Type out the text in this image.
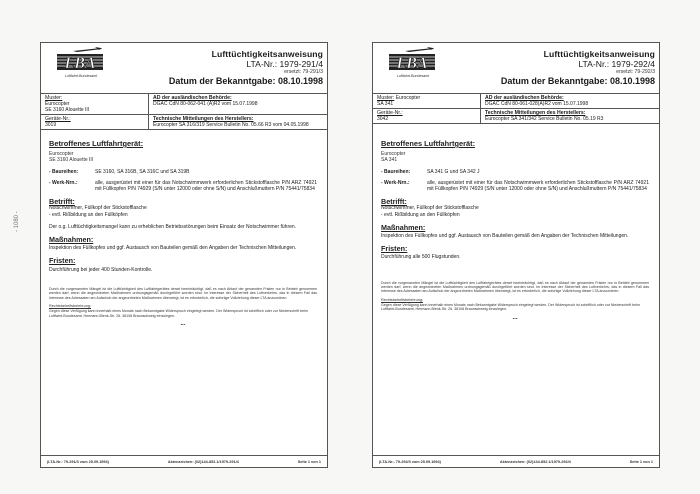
- 1080 -
LBA
Luftfahrt-Bundesamt
Lufttüchtigkeitsanweisung
LTA-Nr.: 1979-291/4
ersetzt: 79-291/3
Datum der Bekanntgabe: 08.10.1998
Muster:
Eurocopter
SE 3160 Alouette III
AD der ausländischen Behörde:
DGAC CdN 80-062-041 (A)R2 vom 15.07.1998
Geräte-Nr.:
3019
Technische Mitteilungen des Herstellers:
Eurocopter SA 316/319 Service Bulletin No. 05.66 R3 vom 04.05.1998
Betroffenes Luftfahrtgerät:
Eurocopter
SE 3160 Alouette III
- Baureihen:	SE 3160, SA 316B, SA 316C und SA 319B
- Werk-Nrn.:	alle, ausgerüstet mit einer für das Notschwimmwerk erforderlichen Stickstofflasche P/N ARZ 74921 mit Füllkopfen P/N 74929 (S/N unter 12000 oder ohne S/N) und Anschlußmuttern P/N 75441/75834
Betrifft:
Notschwimmer, Füllkopf der Stickstofflasche
- evtl. Rißbildung an den Füllköpfen
Der o.g. Lufttüchtigkeitsmangel kann zu erheblichen Betriebsstörungen beim Einsatz der Notschwimmer führen.
Maßnahmen:
Inspektion des Füllkopfes und ggf. Austausch von Bauteilen gemäß den Angaben der Technischen Mitteilungen.
Fristen:
Durchführung bei jeder 400 Stunden-Kontrolle.
Durch die vorgenannten Mängel ist die Lufttüchtigkeit des Luftfahrtgerätes derart beeinträchtigt, daß es nach Ablauf der genannten Fristen nur in Betrieb genommen werden darf, wenn die angeordneten Maßnahmen ordnungsgemäß durchgeführt worden sind. Im Interesse der Sicherheit des Luftverkehrs, das in diesem Fall das Interesse des Adressaten am Aufschub der angeordneten Maßnahmen überwiegt, ist es erforderlich, die sofortige Vollziehung dieser LTA anzuordnen.
Rechtsbehelfsbelehrung:
Gegen diese Verfügung kann innerhalb eines Monats nach Bekanntgabe Widerspruch eingelegt werden. Der Widerspruch ist schriftlich oder zur Niederschrift beim Luftfahrt-Bundesamt, Hermann-Blenk-Str. 26, 38108 Braunschweig einzulegen.
...
(LTA-Nr.: 79-291/3 vom 25.09.1994)	Aktenzeichen: (02)144-852.1/1979-291/4	Seite 1 von 1
LBA
Luftfahrt-Bundesamt
Lufttüchtigkeitsanweisung
LTA-Nr.: 1979-292/4
ersetzt: 79-292/3
Datum der Bekanntgabe: 08.10.1998
Muster: Eurocopter
SA 341
AD der ausländischen Behörde:
DGAC CdN 80-061-028(A)R2 vom 15.07.1998
Geräte-Nr.:
3042
Technische Mitteilungen des Herstellers:
Eurocopter SA 341/342 Service Bulletin No. 05.19 R3
Betroffenes Luftfahrtgerät:
Eurocopter
SA 341
- Baureihen:	SA 341 G und SA 342 J
- Werk-Nrn.:	alle, ausgerüstet mit einer für das Notschwimmwerk erforderlichen Stickstofflasche P/N ARZ 74921 mit Füllkopfen P/N 74929 (S/N unter 12000 oder ohne S/N) und Anschlußmuttern P/N 75441/75834
Betrifft:
Notschwimmer, Füllkopf der Stickstofflasche
- evtl. Rißbildung an den Füllköpfen
Maßnahmen:
Inspektion des Füllkopfes und ggf. Austausch von Bauteilen gemäß den Angaben der Technischen Mitteilungen.
Fristen:
Durchführung alle 500 Flugstunden.
Durch die vorgenannten Mängel ist die Lufttüchtigkeit des Luftfahrtgerätes derart beeinträchtigt, daß es nach Ablauf der genannten Fristen nur in Betrieb genommen werden darf, wenn die angeordneten Maßnahmen ordnungsgemäß durchgeführt worden sind. Im Interesse der Sicherheit des Luftverkehrs, das in diesem Fall das Interesse des Adressaten am Aufschub der angeordneten Maßnahmen überwiegt, ist es erforderlich, die sofortige Vollziehung dieser LTA anzuordnen.
Rechtsbehelfsbelehrung:
Gegen diese Verfügung kann innerhalb eines Monats nach Bekanntgabe Widerspruch eingelegt werden. Der Widerspruch ist schriftlich oder zur Niederschrift beim Luftfahrt-Bundesamt, Hermann-Blenk-Str. 26, 38108 Braunschweig einzulegen.
...
(LTA-Nr.: 79-292/3 vom 25.09.1994)	Aktenzeichen: (02)144-852.1/1979-292/4	Seite 1 von 1
